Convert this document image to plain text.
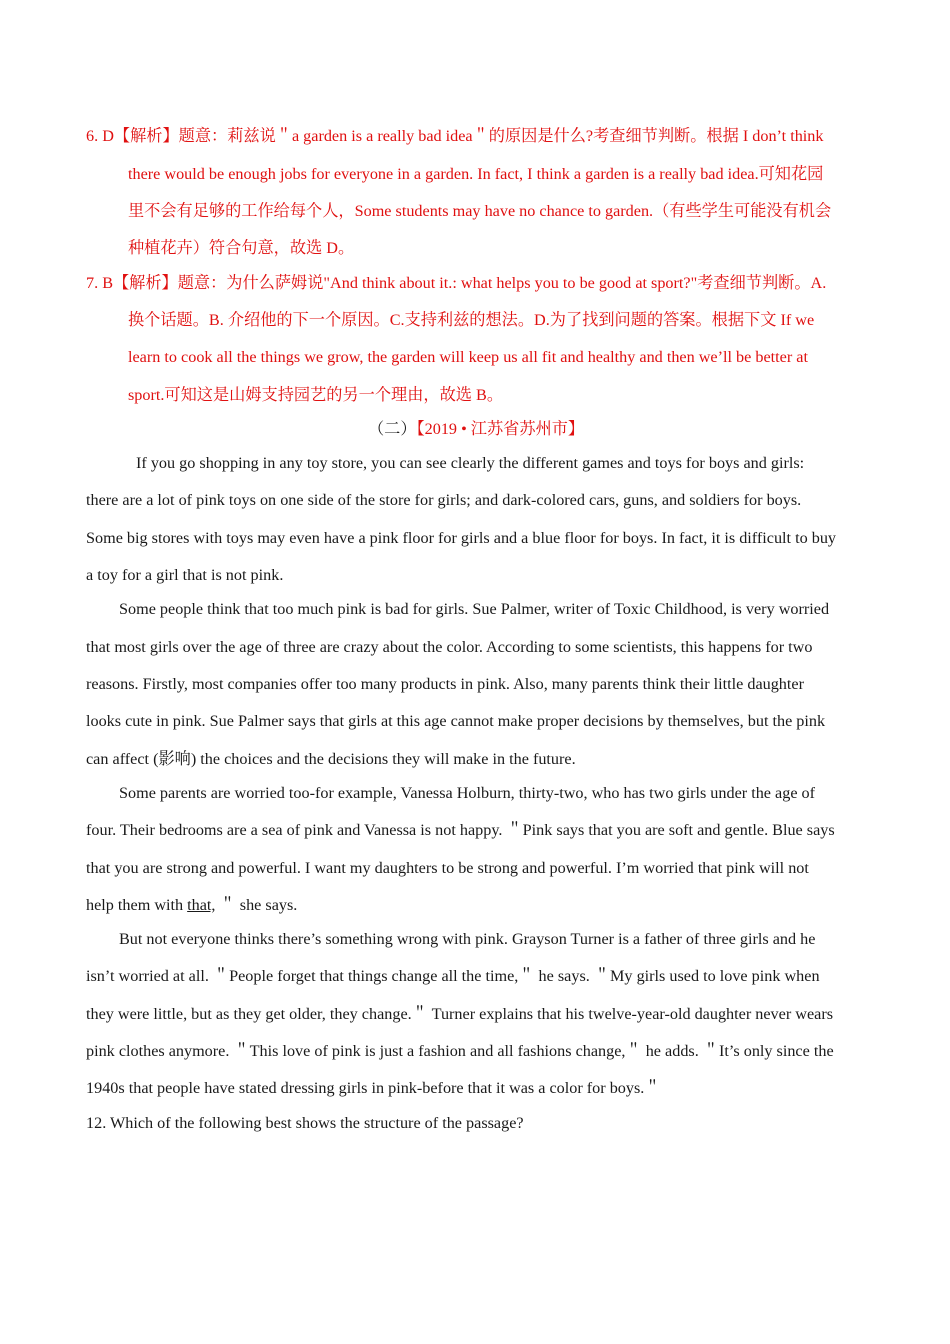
6. D【解析】题意：莉兹说＂a garden is a really bad idea＂的原因是什么?考查细节判断。根据 I don’t think
there would be enough jobs for everyone in a garden. In fact, I think a garden is a really bad idea.可知花园
里不会有足够的工作给每个人，Some students may have no chance to garden.（有些学生可能没有机会
种植花卉）符合句意，故选 D。
7. B【解析】题意：为什么萨姆说"And think about it.: what helps you to be good at sport?"考查细节判断。A.
换个话题。B. 介绍他的下一个原因。C.支持利兹的想法。D.为了找到问题的答案。根据下文 If we
learn to cook all the things we grow, the garden will keep us all fit and healthy and then we’ll be better at
sport.可知这是山姆支持园艺的另一个理由，故选 B。
（二）【2019 • 江苏省苏州市】
If you go shopping in any toy store, you can see clearly the different games and toys for boys and girls:
there are a lot of pink toys on one side of the store for girls; and dark-colored cars, guns, and soldiers for boys.
Some big stores with toys may even have a pink floor for girls and a blue floor for boys. In fact, it is difficult to buy
a toy for a girl that is not pink.
Some people think that too much pink is bad for girls. Sue Palmer, writer of Toxic Childhood, is very worried
that most girls over the age of three are crazy about the color. According to some scientists, this happens for two
reasons. Firstly, most companies offer too many products in pink. Also, many parents think their little daughter
looks cute in pink. Sue Palmer says that girls at this age cannot make proper decisions by themselves, but the pink
can affect (影响) the choices and the decisions they will make in the future.
Some parents are worried too-for example, Vanessa Holburn, thirty-two, who has two girls under the age of
four. Their bedrooms are a sea of pink and Vanessa is not happy. ＂Pink says that you are soft and gentle. Blue says
that you are strong and powerful. I want my daughters to be strong and powerful. I’m worried that pink will not
help them with that, ＂ she says.
But not everyone thinks there’s something wrong with pink. Grayson Turner is a father of three girls and he
isn’t worried at all. ＂People forget that things change all the time,＂ he says. ＂My girls used to love pink when
they were little, but as they get older, they change.＂ Turner explains that his twelve-year-old daughter never wears
pink clothes anymore. ＂This love of pink is just a fashion and all fashions change,＂ he adds. ＂It’s only since the
1940s that people have stated dressing girls in pink-before that it was a color for boys.＂
12. Which of the following best shows the structure of the passage?
